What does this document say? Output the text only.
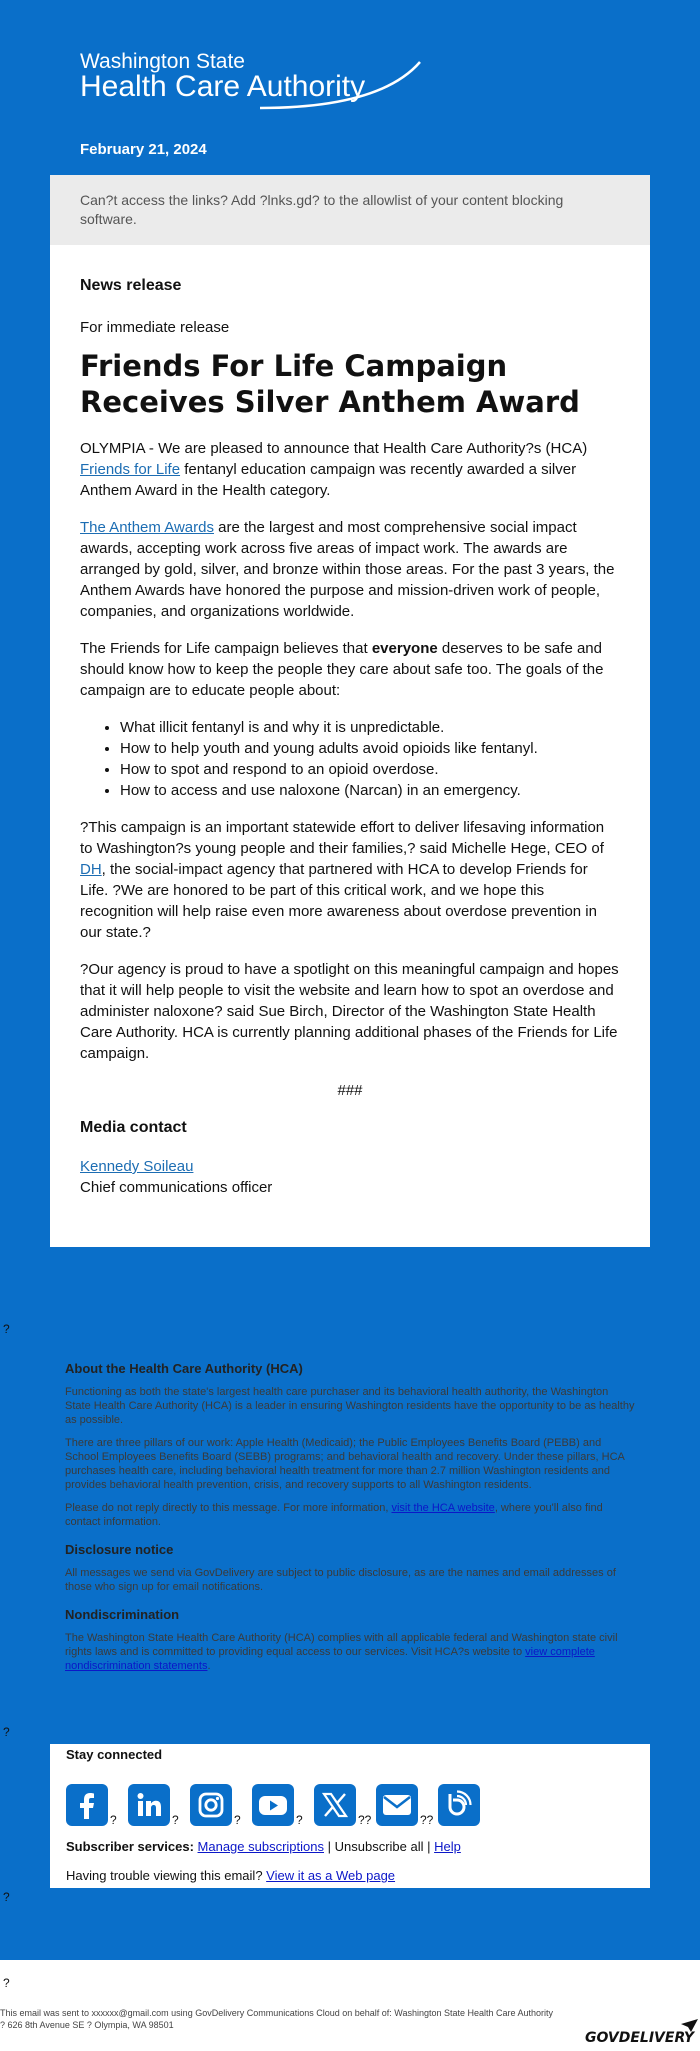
Washington State
Health Care Authority
February 21, 2024
Can?t access the links? Add ?lnks.gd? to the allowlist of your content blocking software.
News release
For immediate release
Friends For Life Campaign Receives Silver Anthem Award

OLYMPIA - We are pleased to announce that Health Care Authority?s (HCA) Friends for Life fentanyl education campaign was recently awarded a silver Anthem Award in the Health category.

The Anthem Awards are the largest and most comprehensive social impact awards, accepting work across five areas of impact work. The awards are arranged by gold, silver, and bronze within those areas. For the past 3 years, the Anthem Awards have honored the purpose and mission-driven work of people, companies, and organizations worldwide.

The Friends for Life campaign believes that everyone deserves to be safe and should know how to keep the people they care about safe too. The goals of the campaign are to educate people about:

• What illicit fentanyl is and why it is unpredictable.
• How to help youth and young adults avoid opioids like fentanyl.
• How to spot and respond to an opioid overdose.
• How to access and use naloxone (Narcan) in an emergency.

?This campaign is an important statewide effort to deliver lifesaving information to Washington?s young people and their families,? said Michelle Hege, CEO of DH, the social-impact agency that partnered with HCA to develop Friends for Life. ?We are honored to be part of this critical work, and we hope this recognition will help raise even more awareness about overdose prevention in our state.?

?Our agency is proud to have a spotlight on this meaningful campaign and hopes that it will help people to visit the website and learn how to spot an overdose and administer naloxone? said Sue Birch, Director of the Washington State Health Care Authority. HCA is currently planning additional phases of the Friends for Life campaign.

###

Media contact
Kennedy Soileau
Chief communications officer
?
About the Health Care Authority (HCA)

Functioning as both the state's largest health care purchaser and its behavioral health authority, the Washington State Health Care Authority (HCA) is a leader in ensuring Washington residents have the opportunity to be as healthy as possible.

There are three pillars of our work: Apple Health (Medicaid); the Public Employees Benefits Board (PEBB) and School Employees Benefits Board (SEBB) programs; and behavioral health and recovery. Under these pillars, HCA purchases health care, including behavioral health treatment for more than 2.7 million Washington residents and provides behavioral health prevention, crisis, and recovery supports to all Washington residents.

Please do not reply directly to this message. For more information, visit the HCA website, where you'll also find contact information.

Disclosure notice

All messages we send via GovDelivery are subject to public disclosure, as are the names and email addresses of those who sign up for email notifications.

Nondiscrimination

The Washington State Health Care Authority (HCA) complies with all applicable federal and Washington state civil rights laws and is committed to providing equal access to our services. Visit HCA?s website to view complete nondiscrimination statements.

?
Stay connected
?	?	?	?	??	??
Subscriber services: Manage subscriptions | Unsubscribe all | Help
Having trouble viewing this email? View it as a Web page
?
?
This email was sent to xxxxxx@gmail.com using GovDelivery Communications Cloud on behalf of: Washington State Health Care Authority ? 626 8th Avenue SE ? Olympia, WA 98501
GOVDELIVERY
